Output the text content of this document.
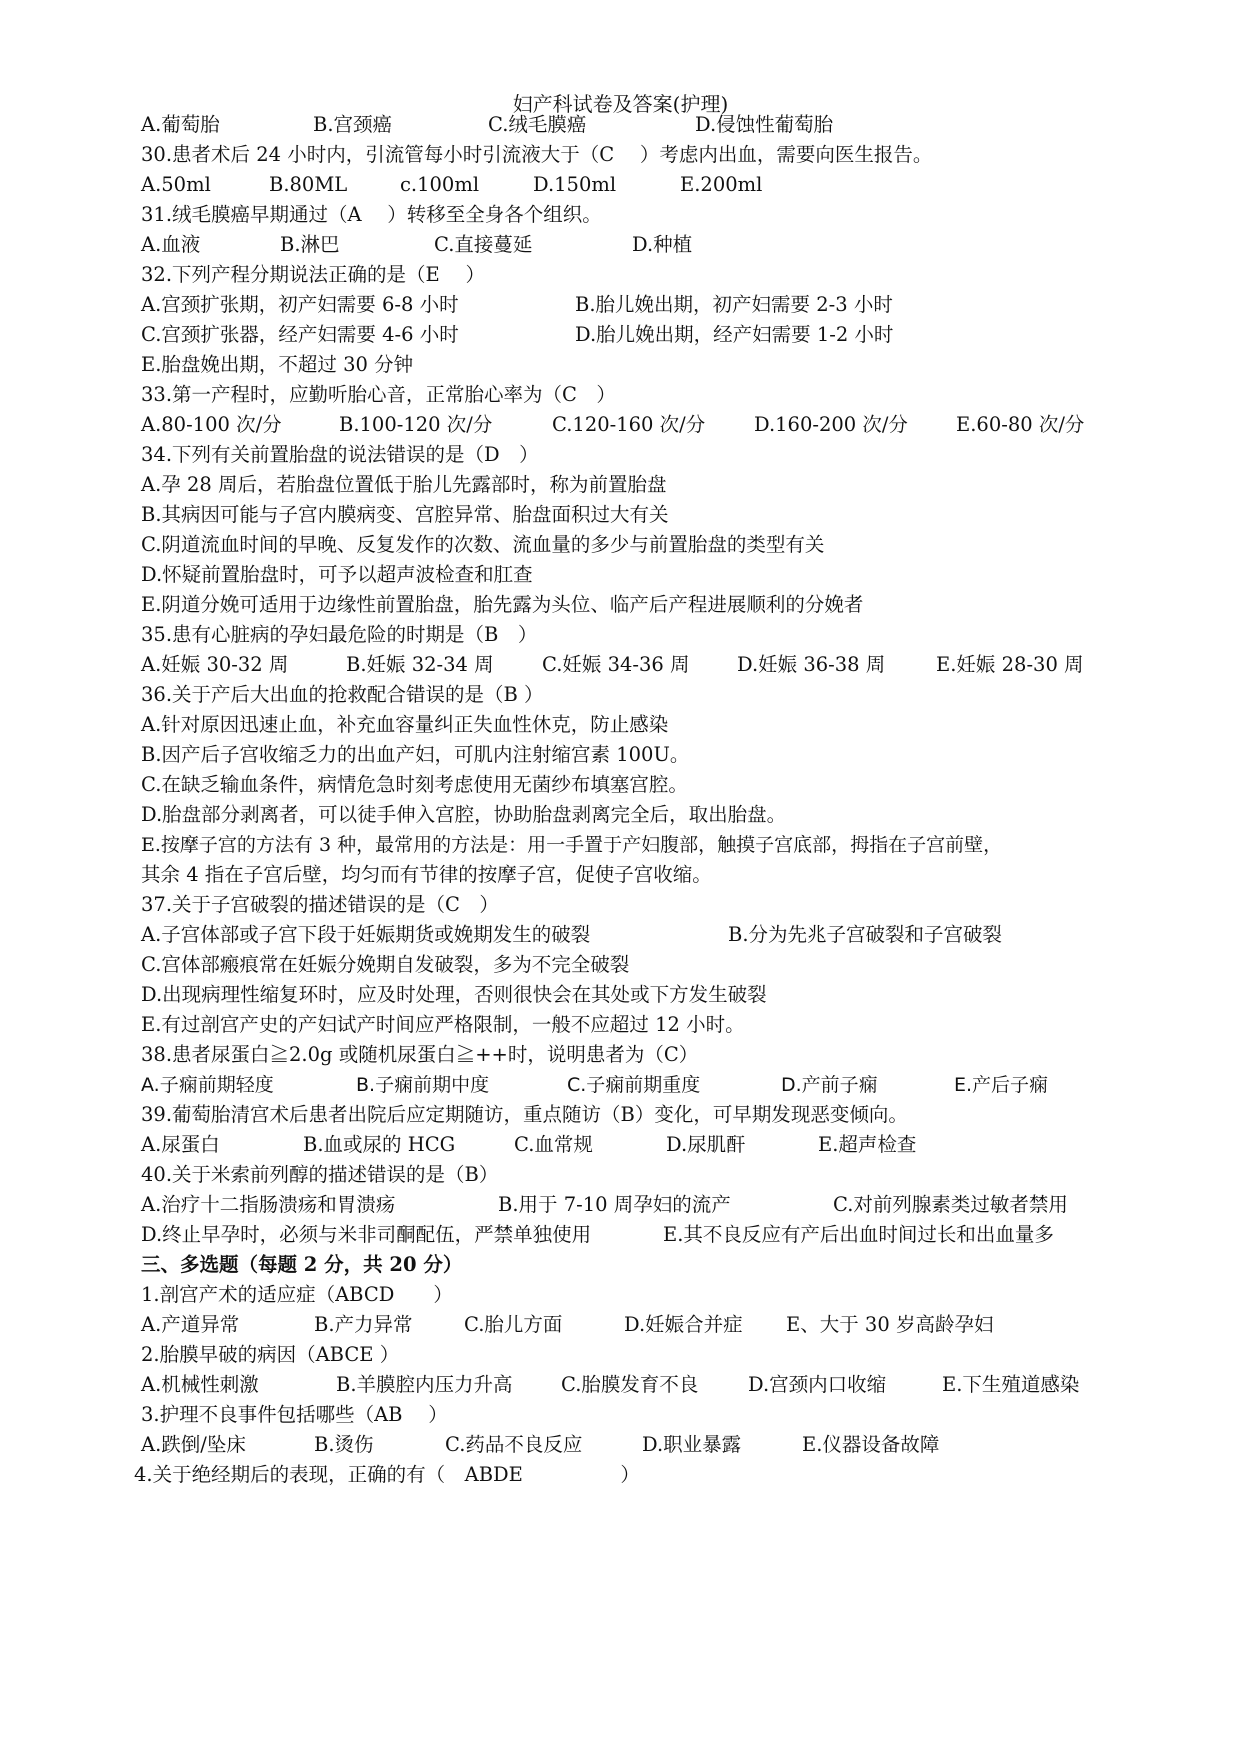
妇产科试卷及答案(护理)
A.葡萄胎	B.宫颈癌	C.绒毛膜癌	D.侵蚀性葡萄胎
30.患者术后 24 小时内，引流管每小时引流液大于（C　 ）考虑内出血，需要向医生报告。
A.50ml	B.80ML	c.100ml	D.150ml	E.200ml
31.绒毛膜癌早期通过（A　 ）转移至全身各个组织。
A.血液	B.淋巴	C.直接蔓延	D.种植
32.下列产程分期说法正确的是（E　 ）
A.宫颈扩张期，初产妇需要 6-8 小时	B.胎儿娩出期，初产妇需要 2-3 小时
C.宫颈扩张器，经产妇需要 4-6 小时	D.胎儿娩出期，经产妇需要 1-2 小时
E.胎盘娩出期，不超过 30 分钟
33.第一产程时，应勤听胎心音，正常胎心率为（C　）
A.80-100 次/分	B.100-120 次/分	C.120-160 次/分	D.160-200 次/分 E.60-80 次/分
34.下列有关前置胎盘的说法错误的是（D　）
A.孕 28 周后，若胎盘位置低于胎儿先露部时，称为前置胎盘
B.其病因可能与子宫内膜病变、宫腔异常、胎盘面积过大有关
C.阴道流血时间的早晚、反复发作的次数、流血量的多少与前置胎盘的类型有关
D.怀疑前置胎盘时，可予以超声波检查和肛查
E.阴道分娩可适用于边缘性前置胎盘，胎先露为头位、临产后产程进展顺利的分娩者
35.患有心脏病的孕妇最危险的时期是（B　）
A.妊娠 30-32 周	B.妊娠 32-34 周 C.妊娠 34-36 周 D.妊娠 36-38 周	E.妊娠 28-30 周
36.关于产后大出血的抢救配合错误的是（B ）
A.针对原因迅速止血，补充血容量纠正失血性休克，防止感染
B.因产后子宫收缩乏力的出血产妇，可肌内注射缩宫素 100U。
C.在缺乏输血条件，病情危急时刻考虑使用无菌纱布填塞宫腔。
D.胎盘部分剥离者，可以徒手伸入宫腔，协助胎盘剥离完全后，取出胎盘。
E.按摩子宫的方法有 3 种，最常用的方法是：用一手置于产妇腹部，触摸子宫底部，拇指在子宫前壁，
其余 4 指在子宫后壁，均匀而有节律的按摩子宫，促使子宫收缩。
37.关于子宫破裂的描述错误的是（C　）
A.子宫体部或子宫下段于妊娠期货或娩期发生的破裂	B.分为先兆子宫破裂和子宫破裂
C.宫体部瘢痕常在妊娠分娩期自发破裂，多为不完全破裂
D.出现病理性缩复环时，应及时处理，否则很快会在其处或下方发生破裂
E.有过剖宫产史的产妇试产时间应严格限制，一般不应超过 12 小时。
38.患者尿蛋白≧2.0g 或随机尿蛋白≧++时，说明患者为（C）
A.子痫前期轻度	B.子痫前期中度	C.子痫前期重度	D.产前子痫	E.产后子痫
39.葡萄胎清宫术后患者出院后应定期随访，重点随访（B）变化，可早期发现恶变倾向。
A.尿蛋白	B.血或尿的 HCG	C.血常规	D.尿肌酐	E.超声检查
40.关于米索前列醇的描述错误的是（B）
A.治疗十二指肠溃疡和胃溃疡	B.用于 7-10 周孕妇的流产	C.对前列腺素类过敏者禁用
D.终止早孕时，必须与米非司酮配伍，严禁单独使用	E.其不良反应有产后出血时间过长和出血量多
三、多选题（每题 2 分，共 20 分）
1.剖宫产术的适应症（ABCD　　）
A.产道异常	B.产力异常	C.胎儿方面	D.妊娠合并症 E、大于 30 岁高龄孕妇
2.胎膜早破的病因（ABCE ）
A.机械性刺激	B.羊膜腔内压力升高 C.胎膜发育不良	D.宫颈内口收缩	E.下生殖道感染
3.护理不良事件包括哪些（AB　 ）
A.跌倒/坠床	B.烫伤	C.药品不良反应	D.职业暴露	E.仪器设备故障
4.关于绝经期后的表现，正确的有（　ABDE　　　　　）
